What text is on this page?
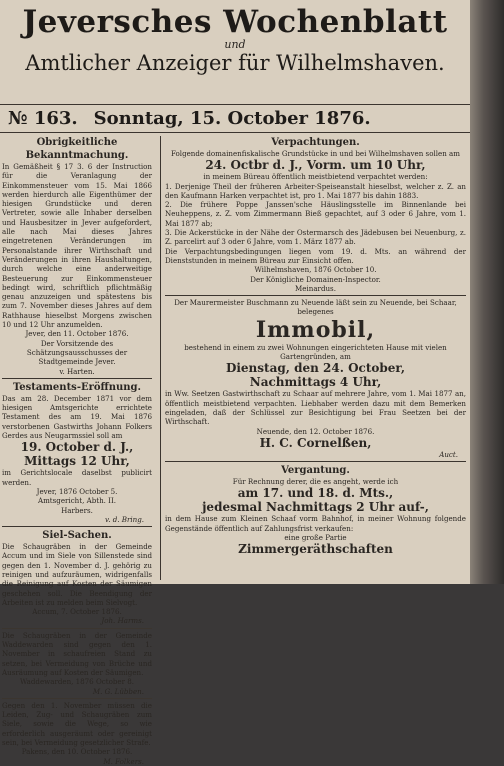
Jeversches Wochenblatt
und
Amtlicher Anzeiger für Wilhelmshaven.
№ 163. Sonntag, 15. October 1876.
Obrigkeitliche Bekanntmachung.

In Gemäßheit § 17 3. 6 der Instruction für die Veranlagung der Einkommensteuer vom 15. Mai 1866 werden hierdurch alle Eigenthümer der hiesigen Grundstücke und deren Vertreter, sowie alle Inhaber derselben und Hausbesitzer in Jever aufgefordert, alle nach Mai dieses Jahres eingetretenen Veränderungen im Personalstande ihrer Wirthschaft und Veränderungen in ihren Haushaltungen, durch welche eine anderweitige Besteuerung zur Einkommensteuer bedingt wird, schriftlich pflichtmäßig genau anzuzeigen und spätestens bis zum 7. November dieses Jahres auf dem Rathhause hieselbst Morgens zwischen 10 und 12 Uhr anzumelden.

Jever, den 11. October 1876.
Der Vorsitzende des Schätzungsausschusses der Stadtgemeinde Jever.
v. Harten.
Testaments-Eröffnung.

Das am 28. December 1871 vor dem hiesigen Amtsgerichte errichtete Testament des am 19. Mai 1876 verstorbenen Gastwirths Johann Folkers Gerdes aus Neugarmssiel soll am

19. October d. J.,
Mittags 12 Uhr,

im Gerichtslocale daselbst publicirt werden.

Jever, 1876 October 5.
Amtsgericht, Abth. II.
Harbers.
v. d. Bring.
Siel-Sachen.

Die Schaugräben in der Gemeinde Accum und im Siele von Sillenstede sind gegen den 1. November d. J. gehörig zu reinigen und aufzuräumen, widrigenfalls die Reinigung auf Kosten der Säumigen geschehen soll. Die Beendigung der Arbeiten ist zu melden beim Sielvogt.

Accum, 7. October 1876.
Joh. Harms.

Die Schaugräben in der Gemeinde Waddewarden sind gegen den 1. November in schaufreien Stand zu setzen, bei Vermeidung von Brüche und Ausräumung auf Kosten der Säumigen.

Waddewarden, 1876 October 8.
M. G. Lübben.

Gegen den 1. November müssen die Leiden, Zug- und Schaugräben zum Siele, sowie die Wege, so wie erforderlich ausgeräumt oder gereinigt sein, bei Vermeidung gesetzlicher Strafe.

Pakens, den 10. October 1876.
M. Folkers.
Verpachtungen.
Folgende domainenfiskalische Grundstücke in und bei Wilhelmshaven sollen am
24. Octbr d. J., Vorm. um 10 Uhr,
in meinem Büreau öffentlich meistbietend verpachtet werden:

1. Derjenige Theil der früheren Arbeiter-Speiseanstalt hieselbst, welcher z. Z. an den Kaufmann Harken verpachtet ist, pro 1. Mai 1877 bis dahin 1883.

2. Die frühere Poppe Janssen'sche Häuslingsstelle im Binnenlande bei Neuheppens, z. Z. vom Zimmermann Bieß gepachtet, auf 3 oder 6 Jahre, vom 1. Mai 1877 ab;

3. Die Ackerstücke in der Nähe der Ostermarsch des Jädebusen bei Neuenburg, z. Z. parcelirt auf 3 oder 6 Jahre, vom 1. März 1877 ab.

Die Verpachtungsbedingungen liegen vom 19. d. Mts. an während der Dienststunden in meinem Büreau zur Einsicht offen.

Wilhelmshaven, 1876 October 10.
Der Königliche Domainen-Inspector.
Meinardus.
Der Maurermeister Buschmann zu Neuende läßt sein zu Neuende, bei Schaar, belegenes
Immobil,
bestehend in einem zu zwei Wohnungen eingerichteten Hause mit vielen Gartengründen, am
Dienstag, den 24. October,
Nachmittags 4 Uhr,

in Ww. Seetzen Gastwirthschaft zu Schaar auf mehrere Jahre, vom 1. Mai 1877 an, öffentlich meistbietend verpachten. Liebhaber werden dazu mit dem Bemerken eingeladen, daß der Schlüssel zur Besichtigung bei Frau Seetzen bei der Wirthschaft.

Neuende, den 12. October 1876.
H. C. Cornelßen,
Auct.
Vergantung.
Für Rechnung derer, die es angeht, werde ich
am 17. und 18. d. Mts.,
jedesmal Nachmittags 2 Uhr auf-,

in dem Hause zum Kleinen Schaaf vorm Bahnhof, in meiner Wohnung folgende Gegenstände öffentlich auf Zahlungsfrist verkaufen:

eine große Partie
Zimmergeräthschaften
